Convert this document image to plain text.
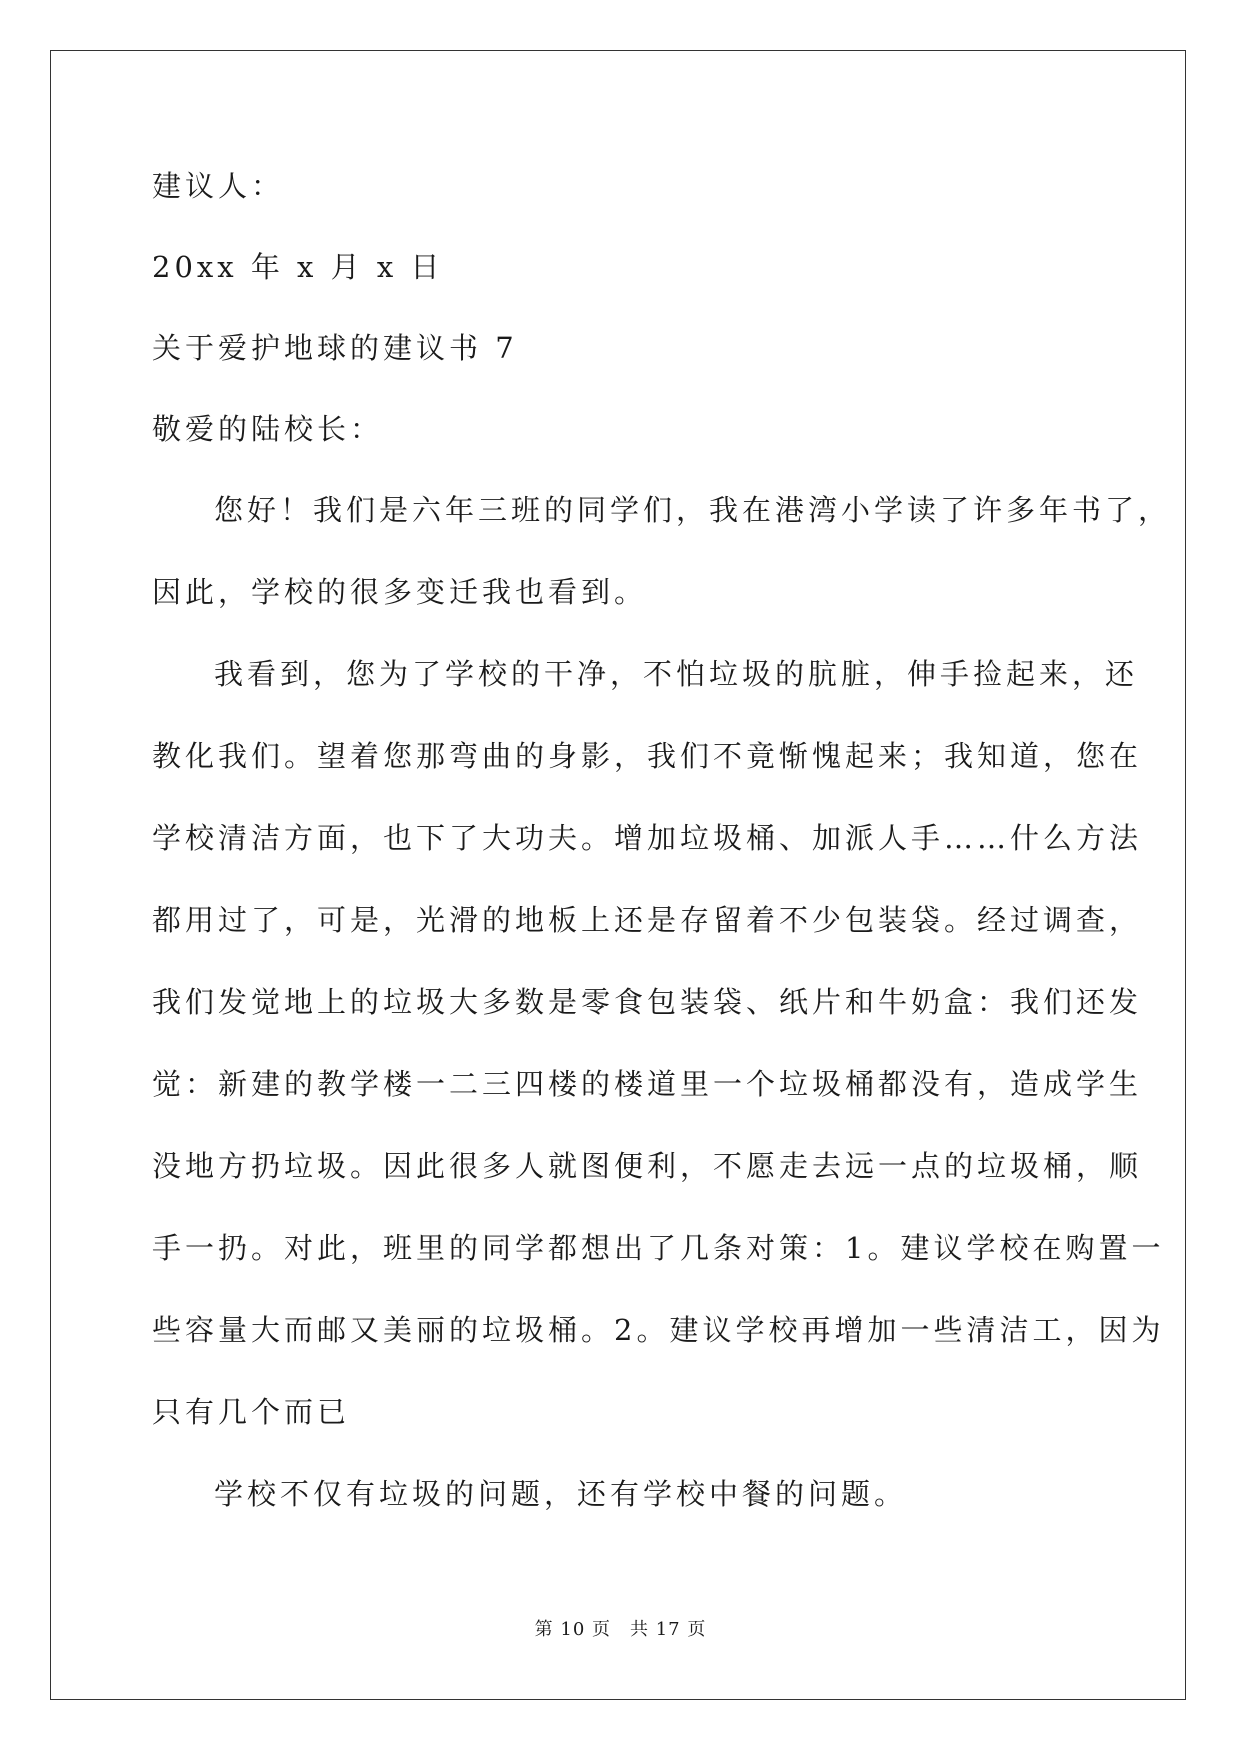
建议人：
20xx 年 x 月 x 日
关于爱护地球的建议书 7
敬爱的陆校长：
您好！我们是六年三班的同学们，我在港湾小学读了许多年书了，
因此，学校的很多变迁我也看到。
我看到，您为了学校的干净，不怕垃圾的肮脏，伸手捡起来，还
教化我们。望着您那弯曲的身影，我们不竟惭愧起来；我知道，您在
学校清洁方面，也下了大功夫。增加垃圾桶、加派人手……什么方法
都用过了，可是，光滑的地板上还是存留着不少包装袋。经过调查，
我们发觉地上的垃圾大多数是零食包装袋、纸片和牛奶盒：我们还发
觉：新建的教学楼一二三四楼的楼道里一个垃圾桶都没有，造成学生
没地方扔垃圾。因此很多人就图便利，不愿走去远一点的垃圾桶，顺
手一扔。对此，班里的同学都想出了几条对策：1。建议学校在购置一
些容量大而邮又美丽的垃圾桶。2。建议学校再增加一些清洁工，因为
只有几个而已
学校不仅有垃圾的问题，还有学校中餐的问题。
第 10 页　共 17 页
